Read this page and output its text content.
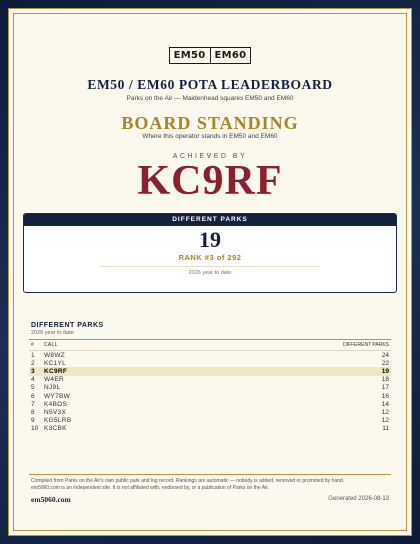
EM50 EM60
EM50 / EM60 POTA LEADERBOARD
Parks on the Air — Maidenhead squares EM50 and EM60
BOARD STANDING
Where this operator stands in EM50 and EM60
ACHIEVED BY
KC9RF
DIFFERENT PARKS
19
RANK #3 of 292
2026 year to date
DIFFERENT PARKS
2026 year to date
#	CALL	DIFFERENT PARKS
1	W8WZ	24
2	KC1YL	22
3	KC9RF	19
4	W4ER	18
5	NJ9L	17
6	WY7BW	16
7	K4BOS	14
8	N5V3X	12
9	KG5LRB	12
10 K3CBK	11
Compiled from Parks on the Air's own public park and log record. Rankings are automatic — nobody is added, removed or promoted by hand. em5060.com is an independent site. It is not affiliated with, endorsed by, or a publication of Parks on the Air.
em5060.com	Generated 2026-08-13
